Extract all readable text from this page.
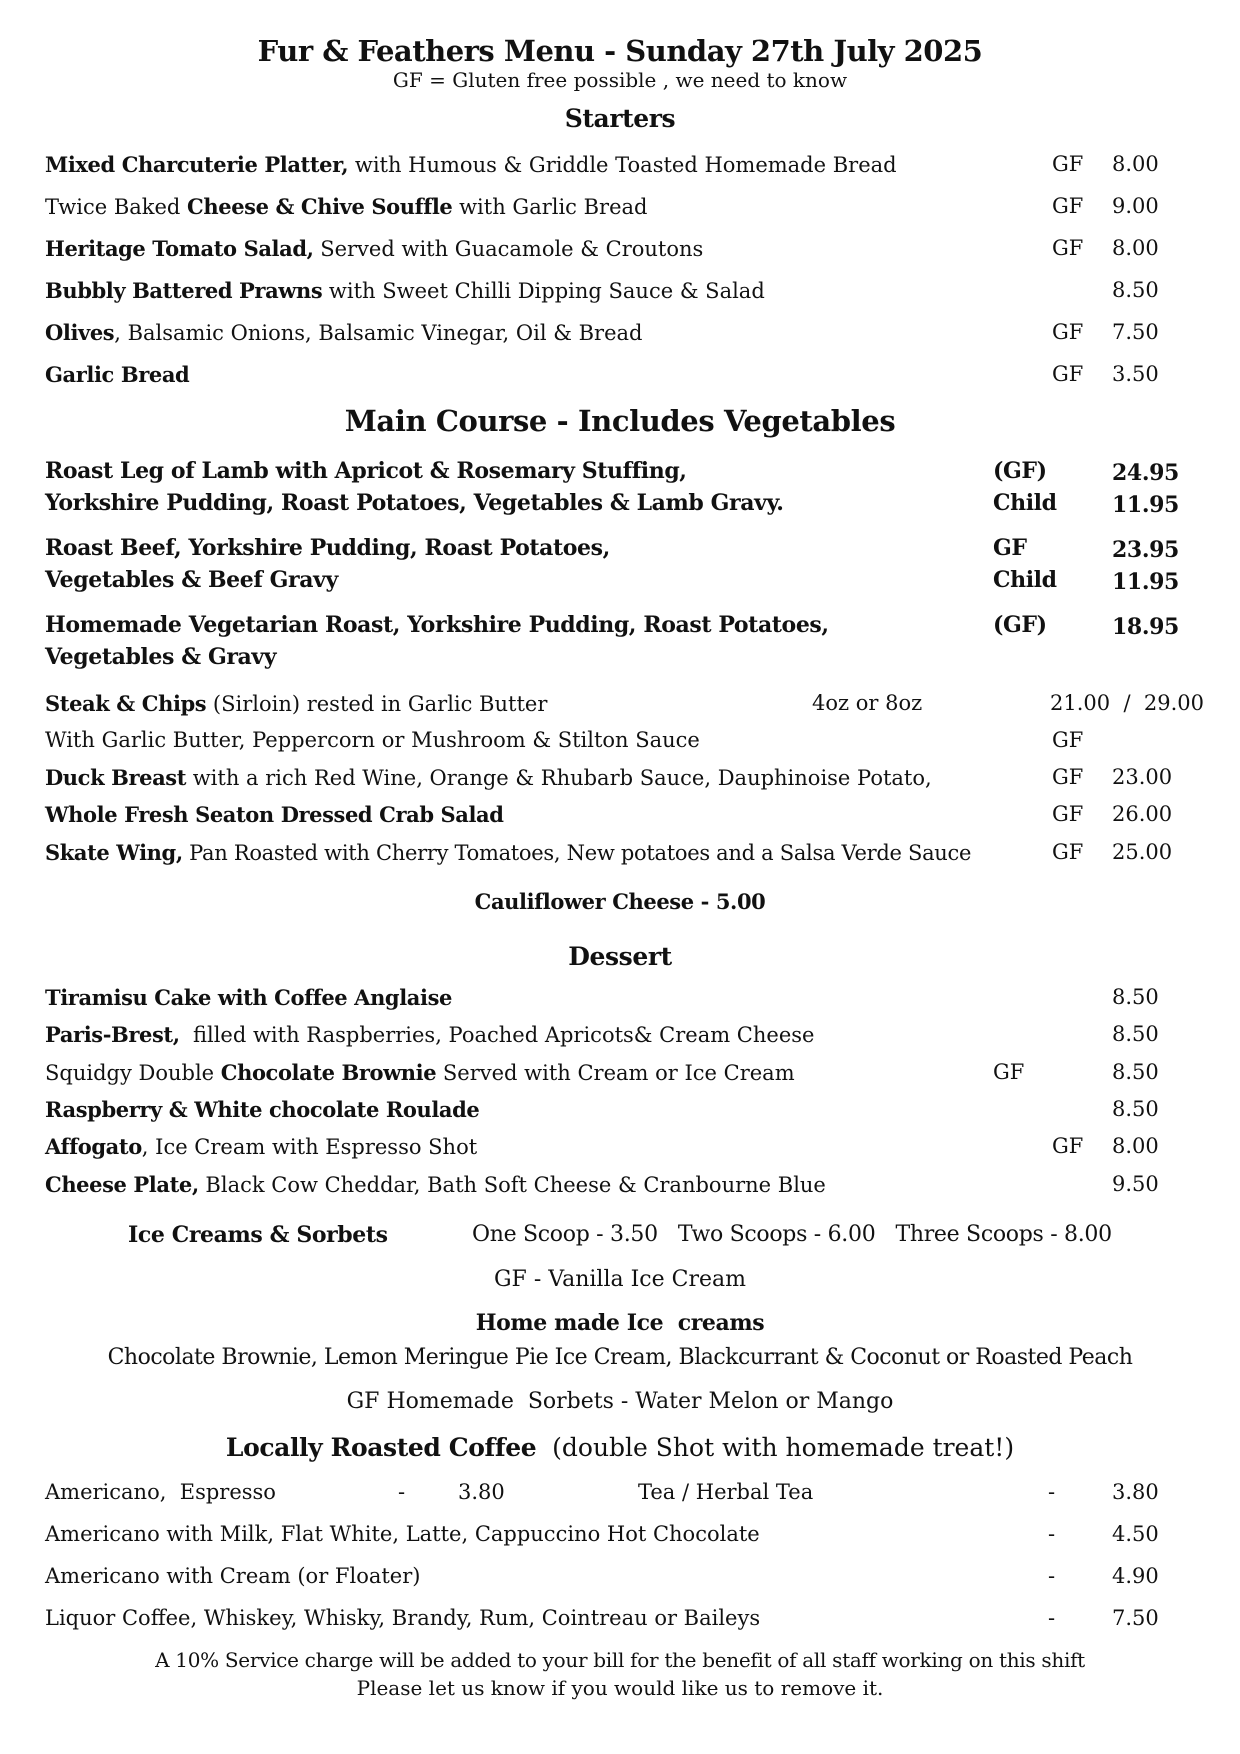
Fur & Feathers Menu - Sunday 27th July 2025
GF = Gluten free possible , we need to know
Starters
Mixed Charcuterie Platter, with Humous & Griddle Toasted Homemade Bread	GF 8.00
Twice Baked Cheese & Chive Souffle with Garlic Bread	GF 9.00
Heritage Tomato Salad, Served with Guacamole & Croutons	GF 8.00
Bubbly Battered Prawns with Sweet Chilli Dipping Sauce & Salad	8.50
Olives, Balsamic Onions, Balsamic Vinegar, Oil & Bread	GF 7.50
Garlic Bread	GF 3.50
Main Course - Includes Vegetables
Roast Leg of Lamb with Apricot & Rosemary Stuffing,
Yorkshire Pudding, Roast Potatoes, Vegetables & Lamb Gravy.
(GF)	24.95
Child	11.95
Roast Beef, Yorkshire Pudding, Roast Potatoes,
Vegetables & Beef Gravy
GF	23.95
Child	11.95
Homemade Vegetarian Roast, Yorkshire Pudding, Roast Potatoes,
Vegetables & Gravy
(GF)	18.95
Steak & Chips (Sirloin) rested in Garlic Butter	4oz or 8oz	21.00  /  29.00
With Garlic Butter, Peppercorn or Mushroom & Stilton Sauce	GF
Duck Breast with a rich Red Wine, Orange & Rhubarb Sauce, Dauphinoise Potato,	GF 23.00
Whole Fresh Seaton Dressed Crab Salad	GF 26.00
Skate Wing, Pan Roasted with Cherry Tomatoes, New potatoes and a Salsa Verde Sauce	GF 25.00
Cauliflower Cheese - 5.00
Dessert
Tiramisu Cake with Coffee Anglaise	8.50
Paris-Brest,  filled with Raspberries, Poached Apricots& Cream Cheese	8.50
Squidgy Double Chocolate Brownie Served with Cream or Ice Cream	GF	8.50
Raspberry & White chocolate Roulade	8.50
Affogato, Ice Cream with Espresso Shot	GF 8.00
Cheese Plate, Black Cow Cheddar, Bath Soft Cheese & Cranbourne Blue	9.50
Ice Creams & Sorbets	One Scoop - 3.50   Two Scoops - 6.00   Three Scoops - 8.00
GF - Vanilla Ice Cream
Home made Ice  creams
Chocolate Brownie, Lemon Meringue Pie Ice Cream, Blackcurrant & Coconut or Roasted Peach
GF Homemade  Sorbets - Water Melon or Mango
Locally Roasted Coffee  (double Shot with homemade treat!)
Americano,  Espresso	-	3.80	Tea / Herbal Tea	-	3.80
Americano with Milk, Flat White, Latte, Cappuccino Hot Chocolate	-	4.50
Americano with Cream (or Floater)	-	4.90
Liquor Coffee, Whiskey, Whisky, Brandy, Rum, Cointreau or Baileys	-	7.50
A 10% Service charge will be added to your bill for the benefit of all staff working on this shift
Please let us know if you would like us to remove it.
